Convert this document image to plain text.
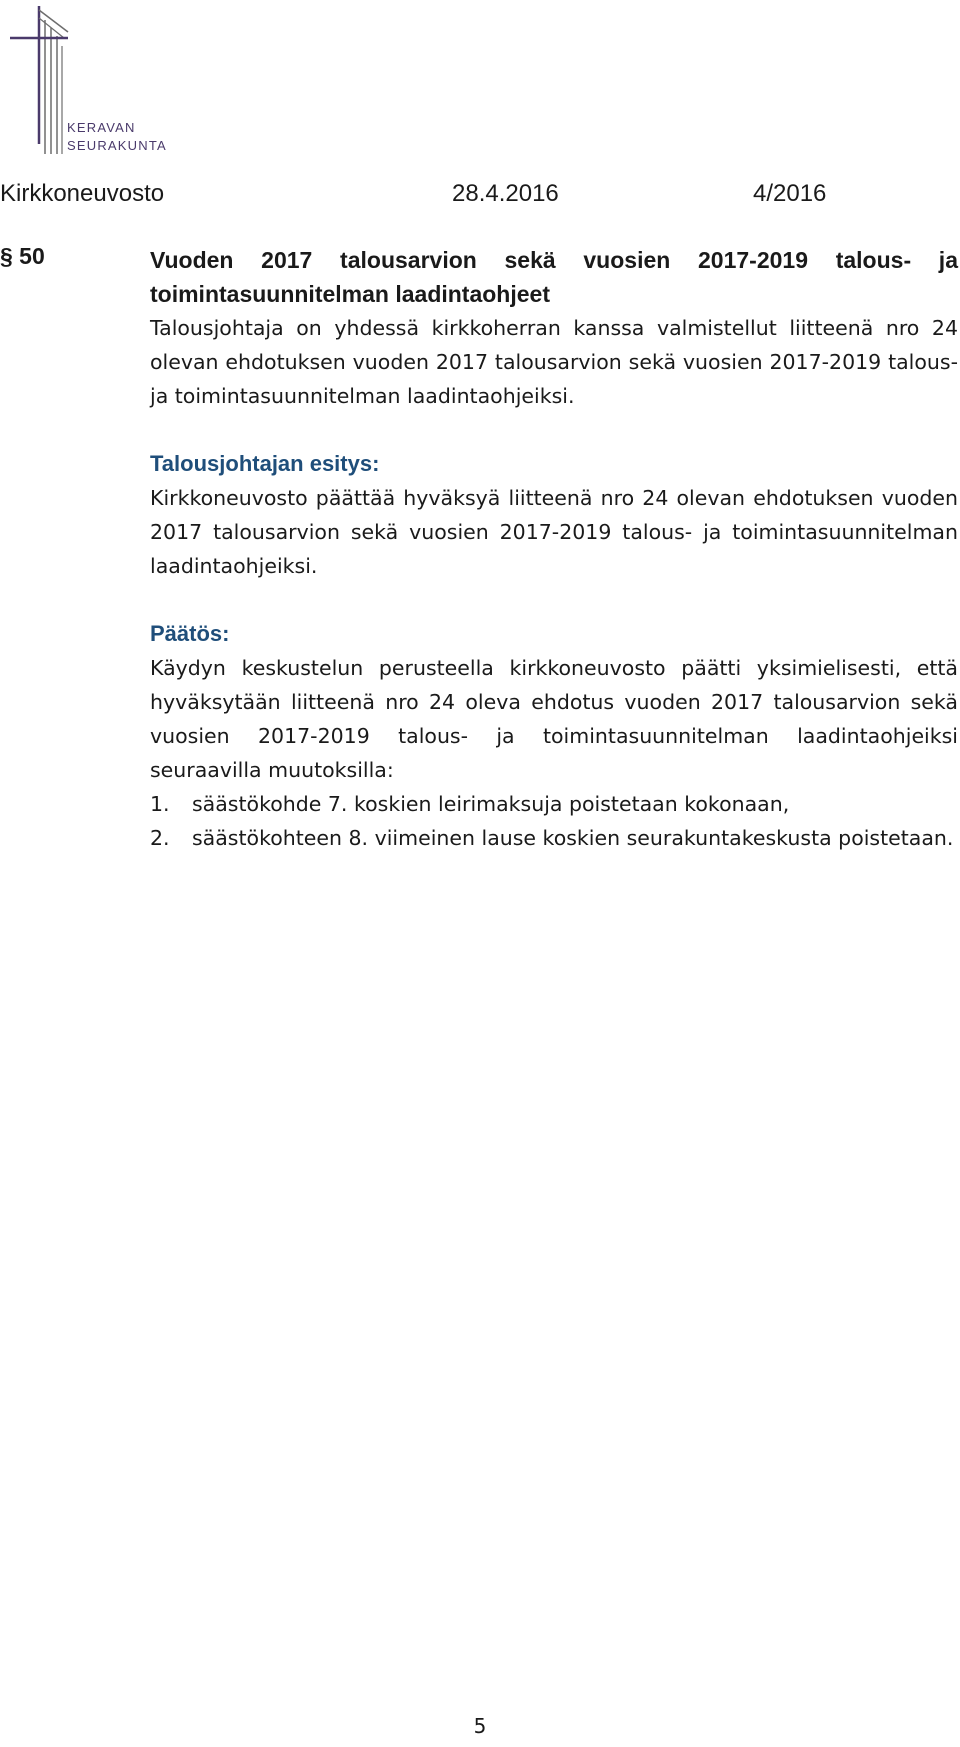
KERAVAN
SEURAKUNTA
Kirkkoneuvosto	28.4.2016	4/2016
§ 50	Vuoden 2017 talousarvion sekä vuosien 2017-2019 talous- ja toimintasuunnitelman laadintaohjeet

Talousjohtaja on yhdessä kirkkoherran kanssa valmistellut liitteenä nro 24 olevan ehdotuksen vuoden 2017 talousarvion sekä vuosien 2017-2019 talous- ja toimintasuunnitelman laadintaohjeiksi.

Talousjohtajan esitys:

Kirkkoneuvosto päättää hyväksyä liitteenä nro 24 olevan ehdotuksen vuoden 2017 talousarvion sekä vuosien 2017-2019 talous- ja toimintasuunnitelman laadintaohjeiksi.

Päätös:

Käydyn keskustelun perusteella kirkkoneuvosto päätti yksimielisesti, että hyväksytään liitteenä nro 24 oleva ehdotus vuoden 2017 talousarvion sekä vuosien 2017-2019 talous- ja toimintasuunnitelman laadintaohjeiksi seuraavilla muutoksilla:

1. säästökohde 7. koskien leirimaksuja poistetaan kokonaan,
2. säästökohteen 8. viimeinen lause koskien seurakuntakeskusta poistetaan.
5
